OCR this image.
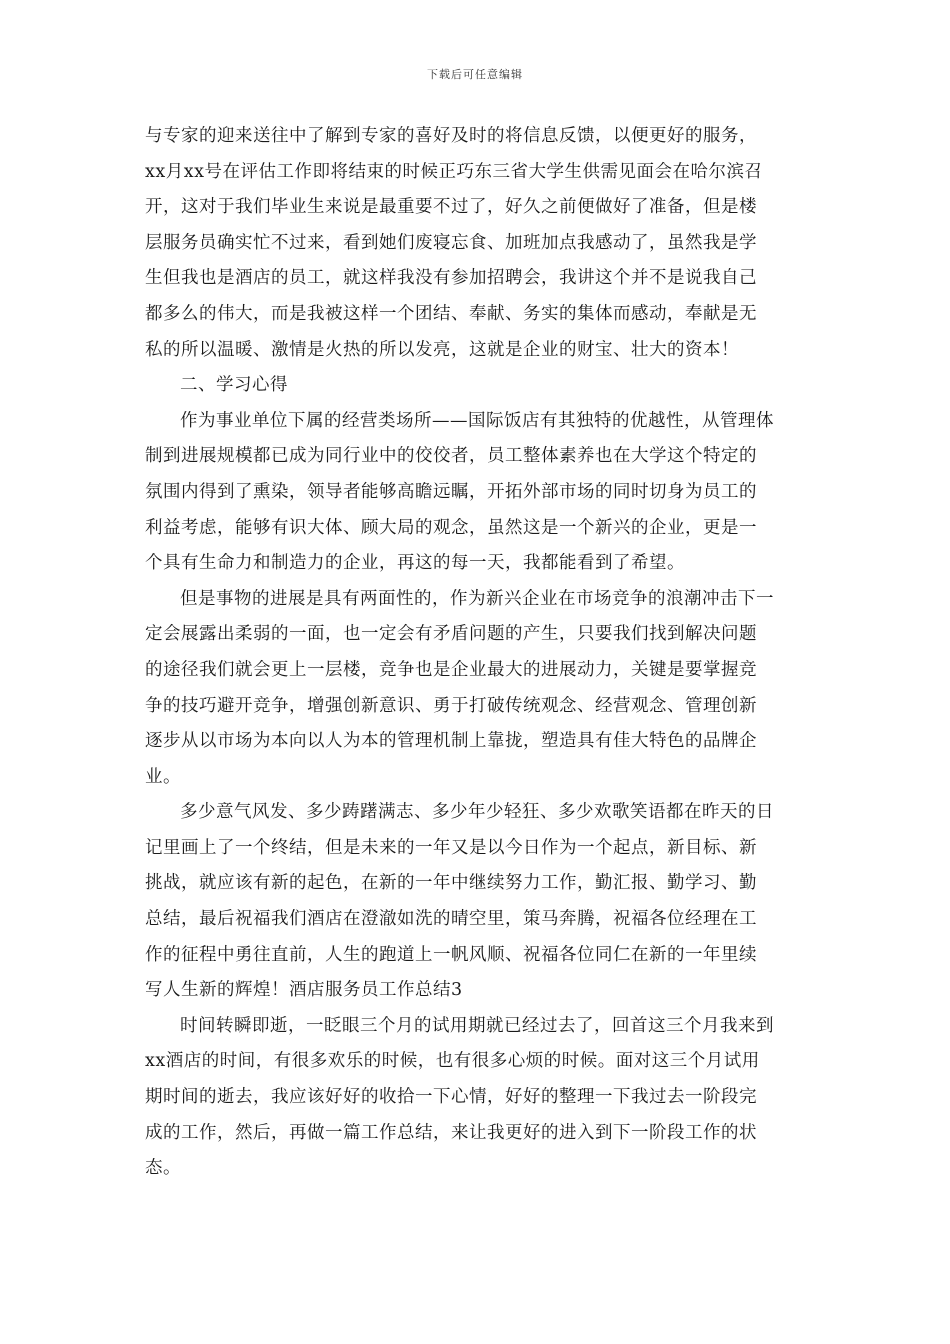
下载后可任意编辑

与专家的迎来送往中了解到专家的喜好及时的将信息反馈，以便更好的服务，
xx月xx号在评估工作即将结束的时候正巧东三省大学生供需见面会在哈尔滨召
开，这对于我们毕业生来说是最重要不过了，好久之前便做好了准备，但是楼
层服务员确实忙不过来，看到她们废寝忘食、加班加点我感动了，虽然我是学
生但我也是酒店的员工，就这样我没有参加招聘会，我讲这个并不是说我自己
都多么的伟大，而是我被这样一个团结、奉献、务实的集体而感动，奉献是无
私的所以温暖、激情是火热的所以发亮，这就是企业的财宝、壮大的资本！

二、学习心得

作为事业单位下属的经营类场所——国际饭店有其独特的优越性，从管理体
制到进展规模都已成为同行业中的佼佼者，员工整体素养也在大学这个特定的
氛围内得到了熏染，领导者能够高瞻远瞩，开拓外部市场的同时切身为员工的
利益考虑，能够有识大体、顾大局的观念，虽然这是一个新兴的企业，更是一
个具有生命力和制造力的企业，再这的每一天，我都能看到了希望。

但是事物的进展是具有两面性的，作为新兴企业在市场竞争的浪潮冲击下一
定会展露出柔弱的一面，也一定会有矛盾问题的产生，只要我们找到解决问题
的途径我们就会更上一层楼，竞争也是企业最大的进展动力，关键是要掌握竞
争的技巧避开竞争，增强创新意识、勇于打破传统观念、经营观念、管理创新
逐步从以市场为本向以人为本的管理机制上靠拢，塑造具有佳大特色的品牌企
业。

多少意气风发、多少踌躇满志、多少年少轻狂、多少欢歌笑语都在昨天的日
记里画上了一个终结，但是未来的一年又是以今日作为一个起点，新目标、新
挑战，就应该有新的起色，在新的一年中继续努力工作，勤汇报、勤学习、勤
总结，最后祝福我们酒店在澄澈如洗的晴空里，策马奔腾，祝福各位经理在工
作的征程中勇往直前，人生的跑道上一帆风顺、祝福各位同仁在新的一年里续
写人生新的辉煌！酒店服务员工作总结3

时间转瞬即逝，一眨眼三个月的试用期就已经过去了，回首这三个月我来到
xx酒店的时间，有很多欢乐的时候，也有很多心烦的时候。面对这三个月试用
期时间的逝去，我应该好好的收拾一下心情，好好的整理一下我过去一阶段完
成的工作，然后，再做一篇工作总结，来让我更好的进入到下一阶段工作的状
态。
